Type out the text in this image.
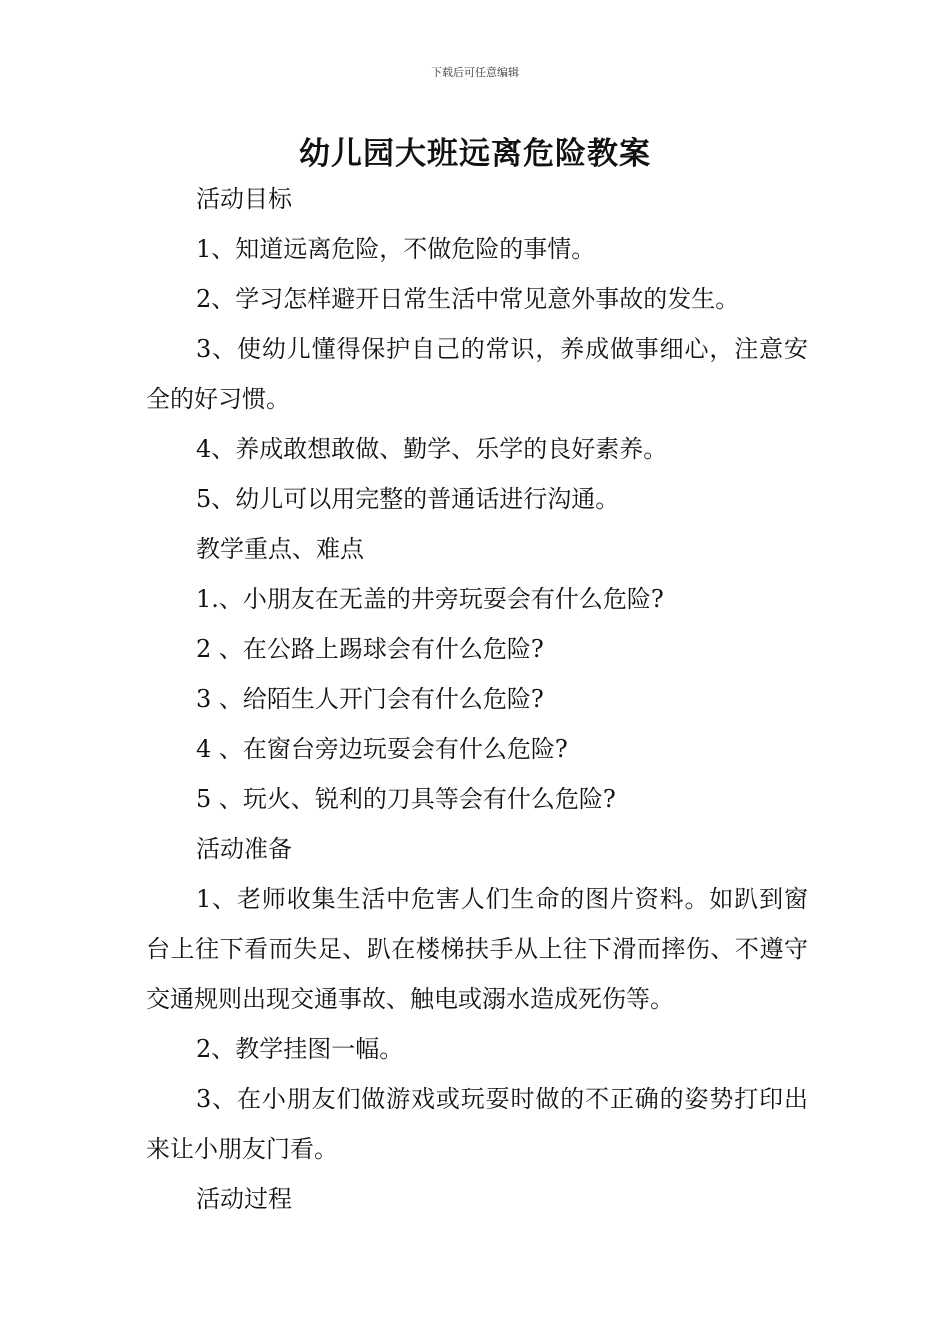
下载后可任意编辑
幼儿园大班远离危险教案

活动目标

1、知道远离危险，不做危险的事情。

2、学习怎样避开日常生活中常见意外事故的发生。

3、使幼儿懂得保护自己的常识，养成做事细心，注意安全的好习惯。

4、养成敢想敢做、勤学、乐学的良好素养。

5、幼儿可以用完整的普通话进行沟通。

教学重点、难点

1.、小朋友在无盖的井旁玩耍会有什么危险?

2 、在公路上踢球会有什么危险?

3 、给陌生人开门会有什么危险?

4 、在窗台旁边玩耍会有什么危险?

5 、玩火、锐利的刀具等会有什么危险?

活动准备

1、老师收集生活中危害人们生命的图片资料。如趴到窗台上往下看而失足、趴在楼梯扶手从上往下滑而摔伤、不遵守交通规则出现交通事故、触电或溺水造成死伤等。

2、教学挂图一幅。

3、在小朋友们做游戏或玩耍时做的不正确的姿势打印出来让小朋友门看。

活动过程
